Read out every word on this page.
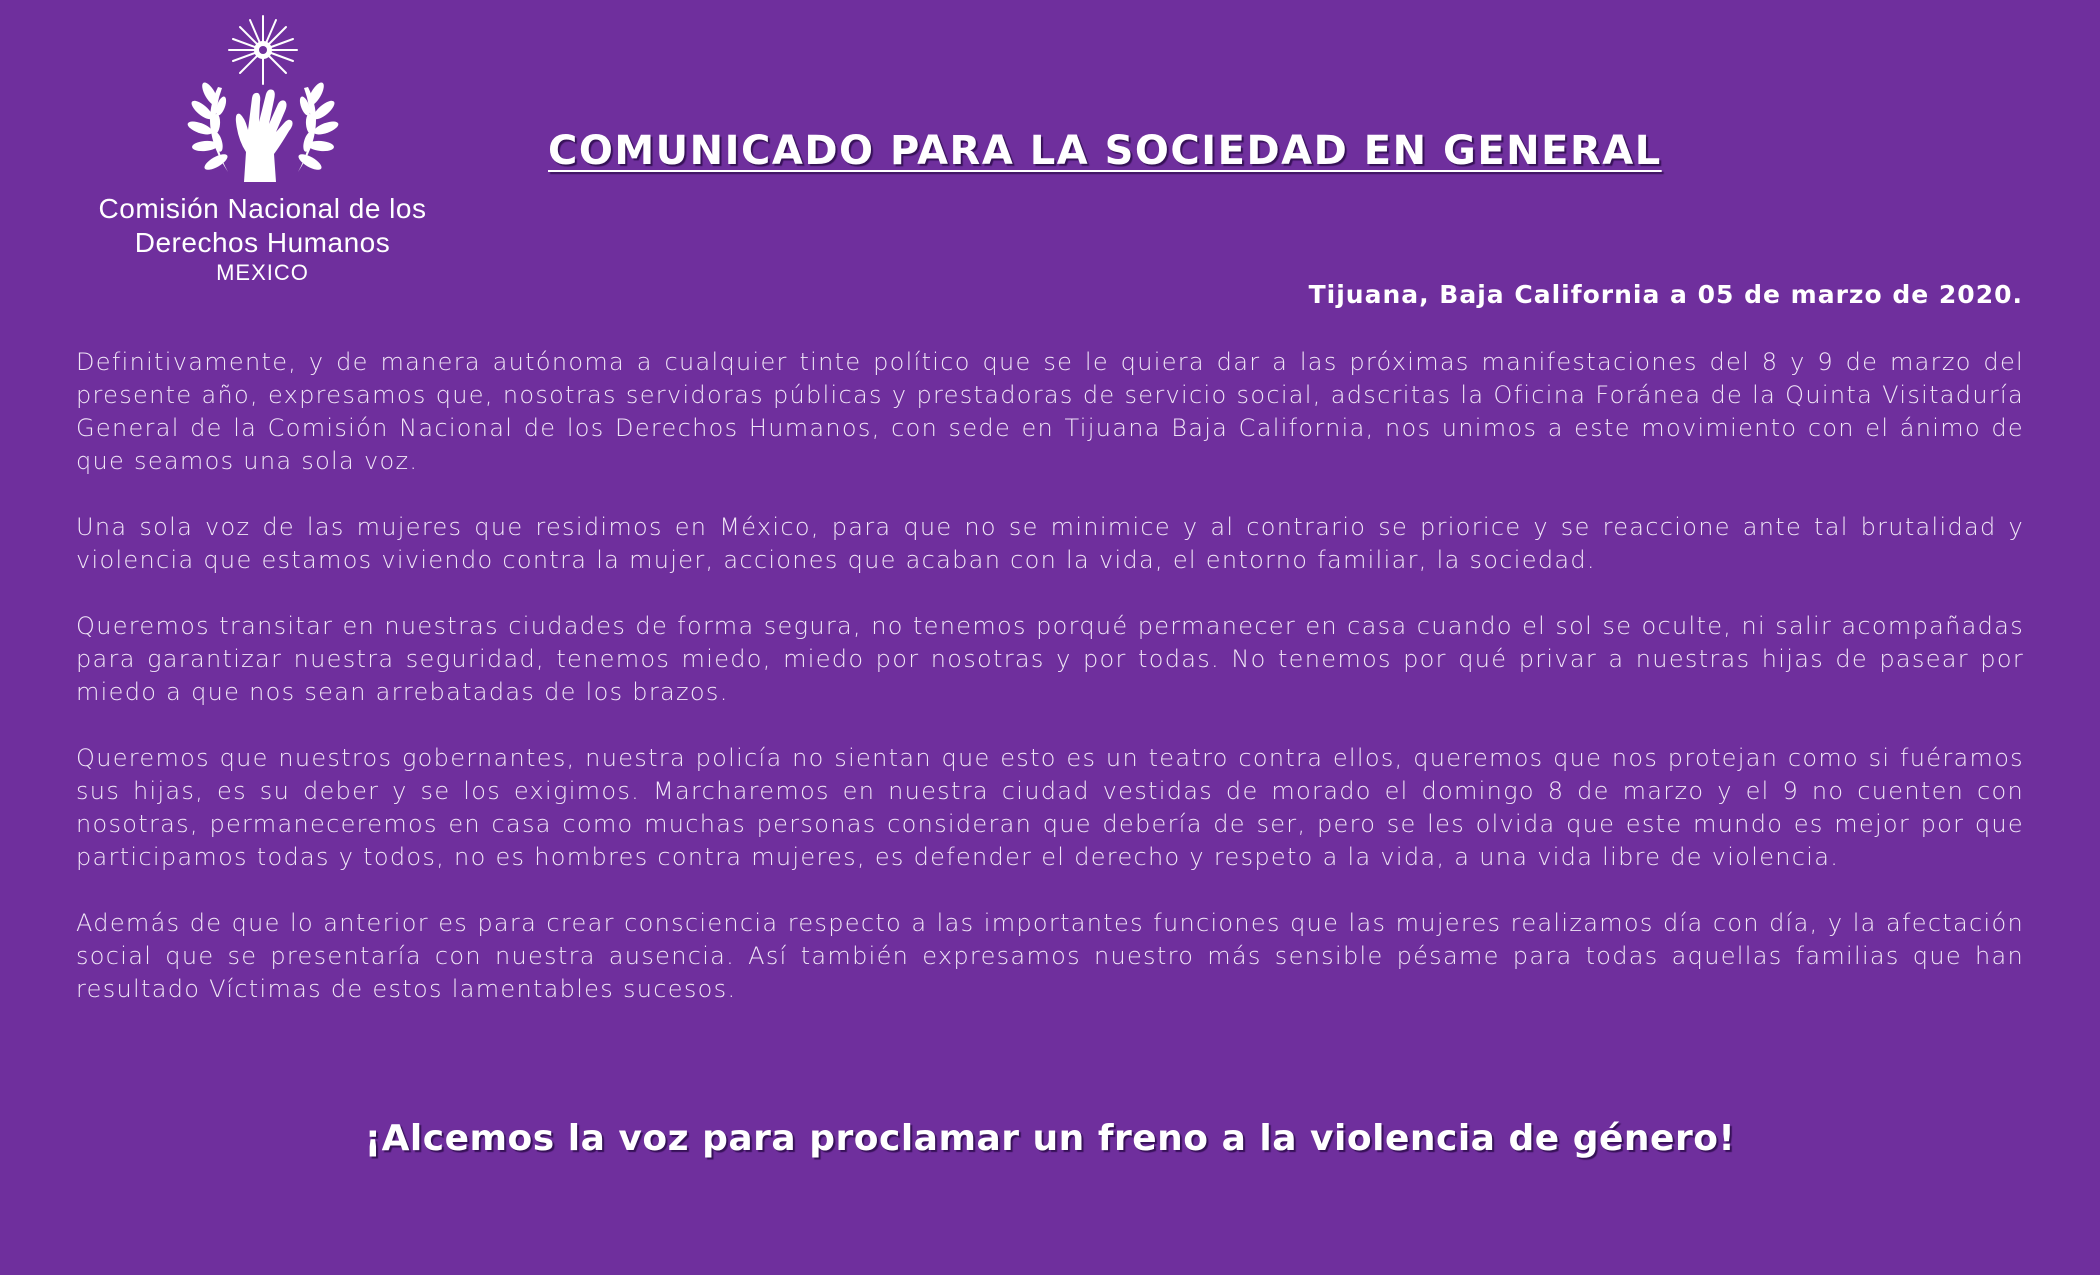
Comisión Nacional de los
Derechos Humanos
MEXICO
COMUNICADO PARA LA SOCIEDAD EN GENERAL
Tijuana, Baja California a 05 de marzo de 2020.

Definitivamente, y de manera autónoma a cualquier tinte político que se le quiera dar a las próximas manifestaciones del 8 y 9 de marzo del presente año, expresamos que, nosotras servidoras públicas y prestadoras de servicio social, adscritas la Oficina Foránea de la Quinta Visitaduría General de la Comisión Nacional de los Derechos Humanos, con sede en Tijuana Baja California, nos unimos a este movimiento con el ánimo de que seamos una sola voz.

Una sola voz de las mujeres que residimos en México, para que no se minimice y al contrario se priorice y se reaccione ante tal brutalidad y violencia que estamos viviendo contra la mujer, acciones que acaban con la vida, el entorno familiar, la sociedad.

Queremos transitar en nuestras ciudades de forma segura, no tenemos porqué permanecer en casa cuando el sol se oculte, ni salir acompañadas para garantizar nuestra seguridad, tenemos miedo, miedo por nosotras y por todas. No tenemos por qué privar a nuestras hijas de pasear por miedo a que nos sean arrebatadas de los brazos.

Queremos que nuestros gobernantes, nuestra policía no sientan que esto es un teatro contra ellos, queremos que nos protejan como si fuéramos sus hijas, es su deber y se los exigimos. Marcharemos en nuestra ciudad vestidas de morado el domingo 8 de marzo y el 9 no cuenten con nosotras, permaneceremos en casa como muchas personas consideran que debería de ser, pero se les olvida que este mundo es mejor por que participamos todas y todos, no es hombres contra mujeres, es defender el derecho y respeto a la vida, a una vida libre de violencia.

Además de que lo anterior es para crear consciencia respecto a las importantes funciones que las mujeres realizamos día con día, y la afectación social que se presentaría con nuestra ausencia. Así también expresamos nuestro más sensible pésame para todas aquellas familias que han resultado Víctimas de estos lamentables sucesos.

¡Alcemos la voz para proclamar un freno a la violencia de género!
